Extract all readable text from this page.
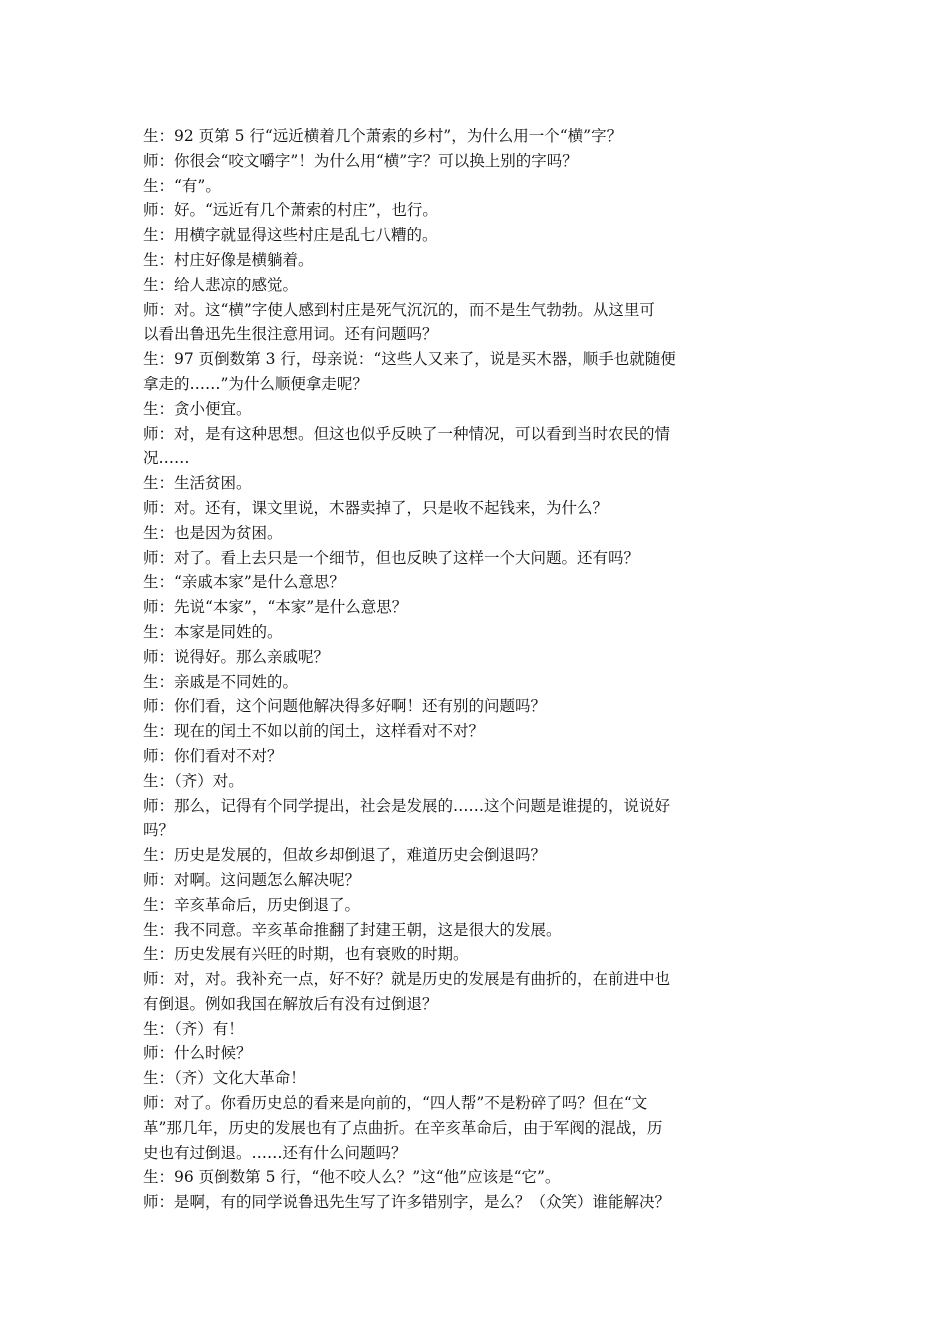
生：92 页第 5 行“远近横着几个萧索的乡村”，为什么用一个“横”字？
师：你很会“咬文嚼字”！为什么用“横”字？可以换上别的字吗？
生：“有”。
师：好。“远近有几个萧索的村庄”，也行。
生：用横字就显得这些村庄是乱七八糟的。
生：村庄好像是横躺着。
生：给人悲凉的感觉。
师：对。这“横”字使人感到村庄是死气沉沉的，而不是生气勃勃。从这里可
以看出鲁迅先生很注意用词。还有问题吗？
生：97 页倒数第 3 行，母亲说：“这些人又来了，说是买木器，顺手也就随便
拿走的……”为什么顺便拿走呢？
生：贪小便宜。
师：对，是有这种思想。但这也似乎反映了一种情况，可以看到当时农民的情
况……
生：生活贫困。
师：对。还有，课文里说，木器卖掉了，只是收不起钱来，为什么？
生：也是因为贫困。
师：对了。看上去只是一个细节，但也反映了这样一个大问题。还有吗？
生：“亲戚本家”是什么意思？
师：先说“本家”，“本家”是什么意思？
生：本家是同姓的。
师：说得好。那么亲戚呢？
生：亲戚是不同姓的。
师：你们看，这个问题他解决得多好啊！还有别的问题吗？
生：现在的闰土不如以前的闰土，这样看对不对？
师：你们看对不对？
生：（齐）对。
师：那么，记得有个同学提出，社会是发展的……这个问题是谁提的，说说好
吗？
生：历史是发展的，但故乡却倒退了，难道历史会倒退吗？
师：对啊。这问题怎么解决呢？
生：辛亥革命后，历史倒退了。
生：我不同意。辛亥革命推翻了封建王朝，这是很大的发展。
生：历史发展有兴旺的时期，也有衰败的时期。
师：对，对。我补充一点，好不好？就是历史的发展是有曲折的，在前进中也
有倒退。例如我国在解放后有没有过倒退？
生：（齐）有！
师：什么时候？
生：（齐）文化大革命！
师：对了。你看历史总的看来是向前的，“四人帮”不是粉碎了吗？但在“文
革”那几年，历史的发展也有了点曲折。在辛亥革命后，由于军阀的混战，历
史也有过倒退。……还有什么问题吗？
生：96 页倒数第 5 行，“他不咬人么？”这“他”应该是“它”。
师：是啊，有的同学说鲁迅先生写了许多错别字，是么？（众笑）谁能解决？
